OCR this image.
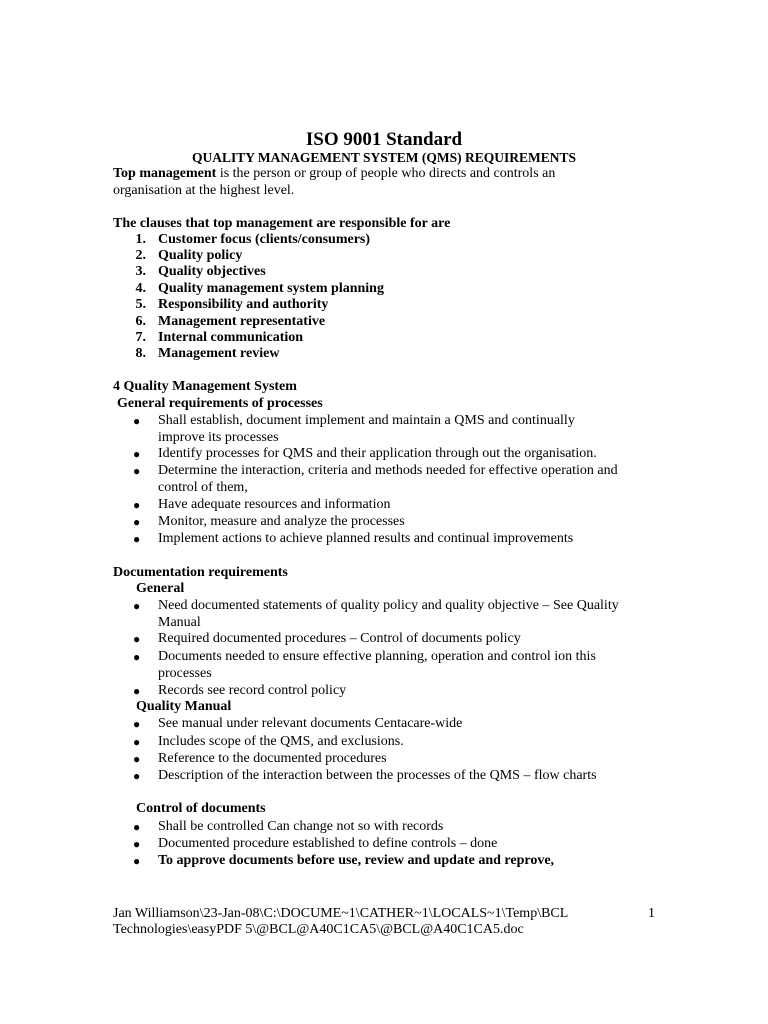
ISO 9001 Standard
QUALITY MANAGEMENT SYSTEM (QMS) REQUIREMENTS
Top management is the person or group of people who directs and controls an
organisation at the highest level.
The clauses that top management are responsible for are
1. Customer focus (clients/consumers)
2. Quality policy
3. Quality objectives
4. Quality management system planning
5. Responsibility and authority
6. Management representative
7. Internal communication
8. Management review
4 Quality Management System
General requirements of processes
●	Shall establish, document implement and maintain a QMS and continually
improve its processes
●	Identify processes for QMS and their application through out the organisation.
●	Determine the interaction, criteria and methods needed for effective operation and
control of them,
●	Have adequate resources and information
●	Monitor, measure and analyze the processes
●	Implement actions to achieve planned results and continual improvements
Documentation requirements
General
●	Need documented statements of quality policy and quality objective – See Quality
Manual
●	Required documented procedures – Control of documents policy
●	Documents needed to ensure effective planning, operation and control ion this
processes
●	Records see record control policy
Quality Manual
●	See manual under relevant documents Centacare-wide
●	Includes scope of the QMS, and exclusions.
●	Reference to the documented procedures
●	Description of the interaction between the processes of the QMS – flow charts
Control of documents
●	Shall be controlled Can change not so with records
●	Documented procedure established to define controls – done
●	To approve documents before use, review and update and reprove,
Jan Williamson\23-Jan-08\C:\DOCUME~1\CATHER~1\LOCALS~1\Temp\BCL
Technologies\easyPDF 5\@BCL@A40C1CA5\@BCL@A40C1CA5.doc
1
